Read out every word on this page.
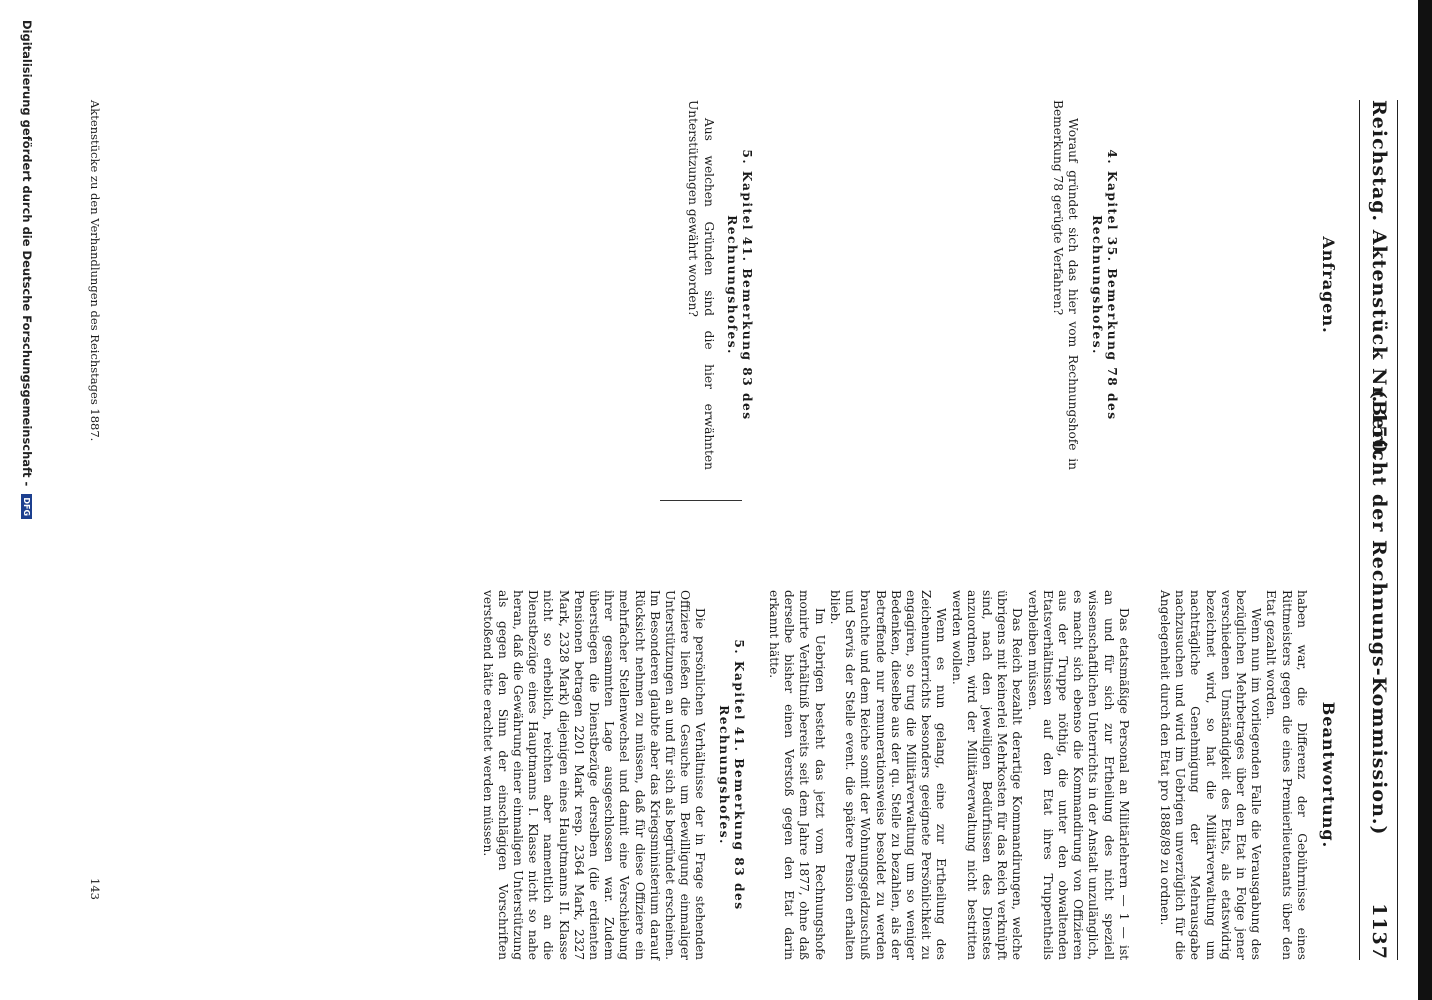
Reichstag. Aktenstück Nr. 150.
(Bericht der Rechnungs-Kommission.) 1137
Anfragen.
4. Kapitel 35. Bemerkung 78 des Rechnungshofes.

Worauf gründet sich das hier vom Rechnungshofe in Bemerkung 78 gerügte Verfahren?

5. Kapitel 41. Bemerkung 83 des Rechnungshofes.

Aus welchen Gründen sind die hier erwähnten Unterstützungen gewährt worden?

Beantwortung.

haben war, die Differenz der Gebührnisse eines Rittmeisters gegen die eines Premierlieutenants über den Etat gezahlt worden.

Wenn nun im vorliegenden Falle die Verausgabung des bezüglichen Mehrbetrages über den Etat in Folge jener verschiedenen Umständigkeit des Etats, als etatswidrig bezeichnet wird, so hat die Militärverwaltung um nachträgliche Genehmigung der Mehrausgabe nachzusuchen und wird im Uebrigen unverzüglich für die Angelegenheit durch den Etat pro 1888/89 zu ordnen.

Das etatsmäßige Personal an Militärlehrern — 1 — ist an und für sich zur Ertheilung des nicht speziell wissenschaftlichen Unterrichts in der Anstalt unzulänglich, es macht sich ebenso die Kommandirung von Offizieren aus der Truppe nöthig, die unter den obwaltenden Etatsverhältnissen auf den Etat ihres Truppentheils verbleiben müssen.

Das Reich bezahlt derartige Kommandirungen, welche übrigens mit keinerlei Mehrkosten für das Reich verknüpft sind, nach den jeweiligen Bedürfnissen des Dienstes anzuordnen, wird der Militärverwaltung nicht bestritten werden wollen.

Wenn es nun gelang, eine zur Ertheilung des Zeichenunterrichts besonders geeignete Persönlichkeit zu engagiren, so trug die Militärverwaltung um so weniger Bedenken, dieselbe aus der qu. Stelle zu bezahlen, als der Betreffende nur remunerationsweise besoldet zu werden brauchte und dem Reiche somit der Wohnungsgeldzuschuß und Servis der Stelle event. die spätere Pension erhalten blieb.

Im Uebrigen besteht das jetzt vom Rechnungshofe monirte Verhältniß bereits seit dem Jahre 1877, ohne daß derselbe bisher einen Verstoß gegen den Etat darin erkannt hätte.

5. Kapitel 41. Bemerkung 83 des Rechnungshofes.

Die persönlichen Verhältnisse der in Frage stehenden Offiziere ließen die Gesuche um Bewilligung einmaliger Unterstützungen an und für sich als begründet erscheinen. Im Besonderen glaubte aber das Kriegsministerium darauf Rücksicht nehmen zu müssen, daß für diese Offiziere ein mehrfacher Stellenwechsel und damit eine Verschiebung ihrer gesammten Lage ausgeschlossen war. Zudem überstiegen die Dienstbezüge derselben (die erdienten Pensionen betragen 2201 Mark resp. 2364 Mark, 2327 Mark, 2328 Mark) diejenigen eines Hauptmanns II. Klasse nicht so erheblich, reichten aber namentlich an die Dienstbezüge eines Hauptmanns I. Klasse nicht so nahe heran, daß die Gewährung einer einmaligen Unterstützung als gegen den Sinn der einschlägigen Vorschriften verstoßend hätte erachtet werden müssen.

Aktenstücke zu den Verhandlungen des Reichstages 1887.
143
Digitalisierung gefördert durch die Deutsche Forschungsgemeinschaft - DFG
